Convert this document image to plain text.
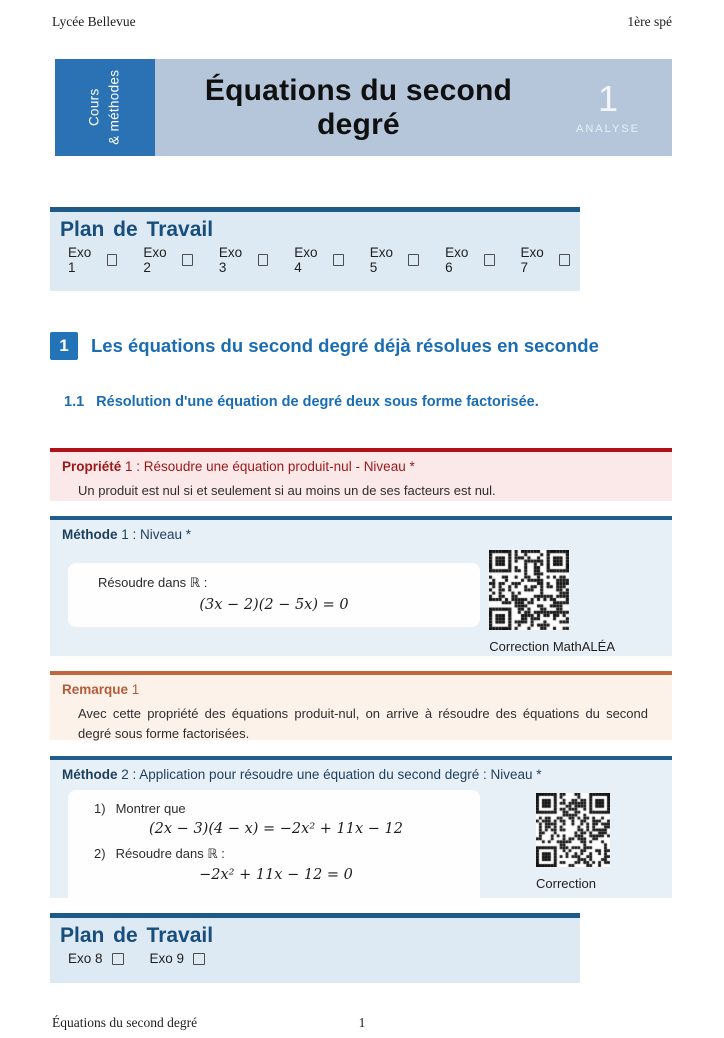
Lycée Bellevue	1ère spé
Cours & méthodes	Équations du second degré
1
ANALYSE
Plan de Travail
Exo 1
Exo 2
Exo 3
Exo 4
Exo 5
Exo 6
Exo 7
1	Les équations du second degré déjà résolues en seconde
1.1 Résolution d'une équation de degré deux sous forme factorisée.
Propriété 1 : Résoudre une équation produit-nul - Niveau *
Un produit est nul si et seulement si au moins un de ses facteurs est nul.
Méthode 1 : Niveau *
Résoudre dans ℝ :
(3x − 2)(2 − 5x) = 0
Correction MathALÉA
Remarque 1
Avec cette propriété des équations produit-nul, on arrive à résoudre des équations du second degré sous forme factorisées.
Méthode 2 : Application pour résoudre une équation du second degré : Niveau *
1) Montrer que
(2x − 3)(4 − x) = −2x² + 11x − 12
2) Résoudre dans ℝ :
−2x² + 11x − 12 = 0
Correction
Plan de Travail
Exo 8	Exo 9
Équations du second degré	1
